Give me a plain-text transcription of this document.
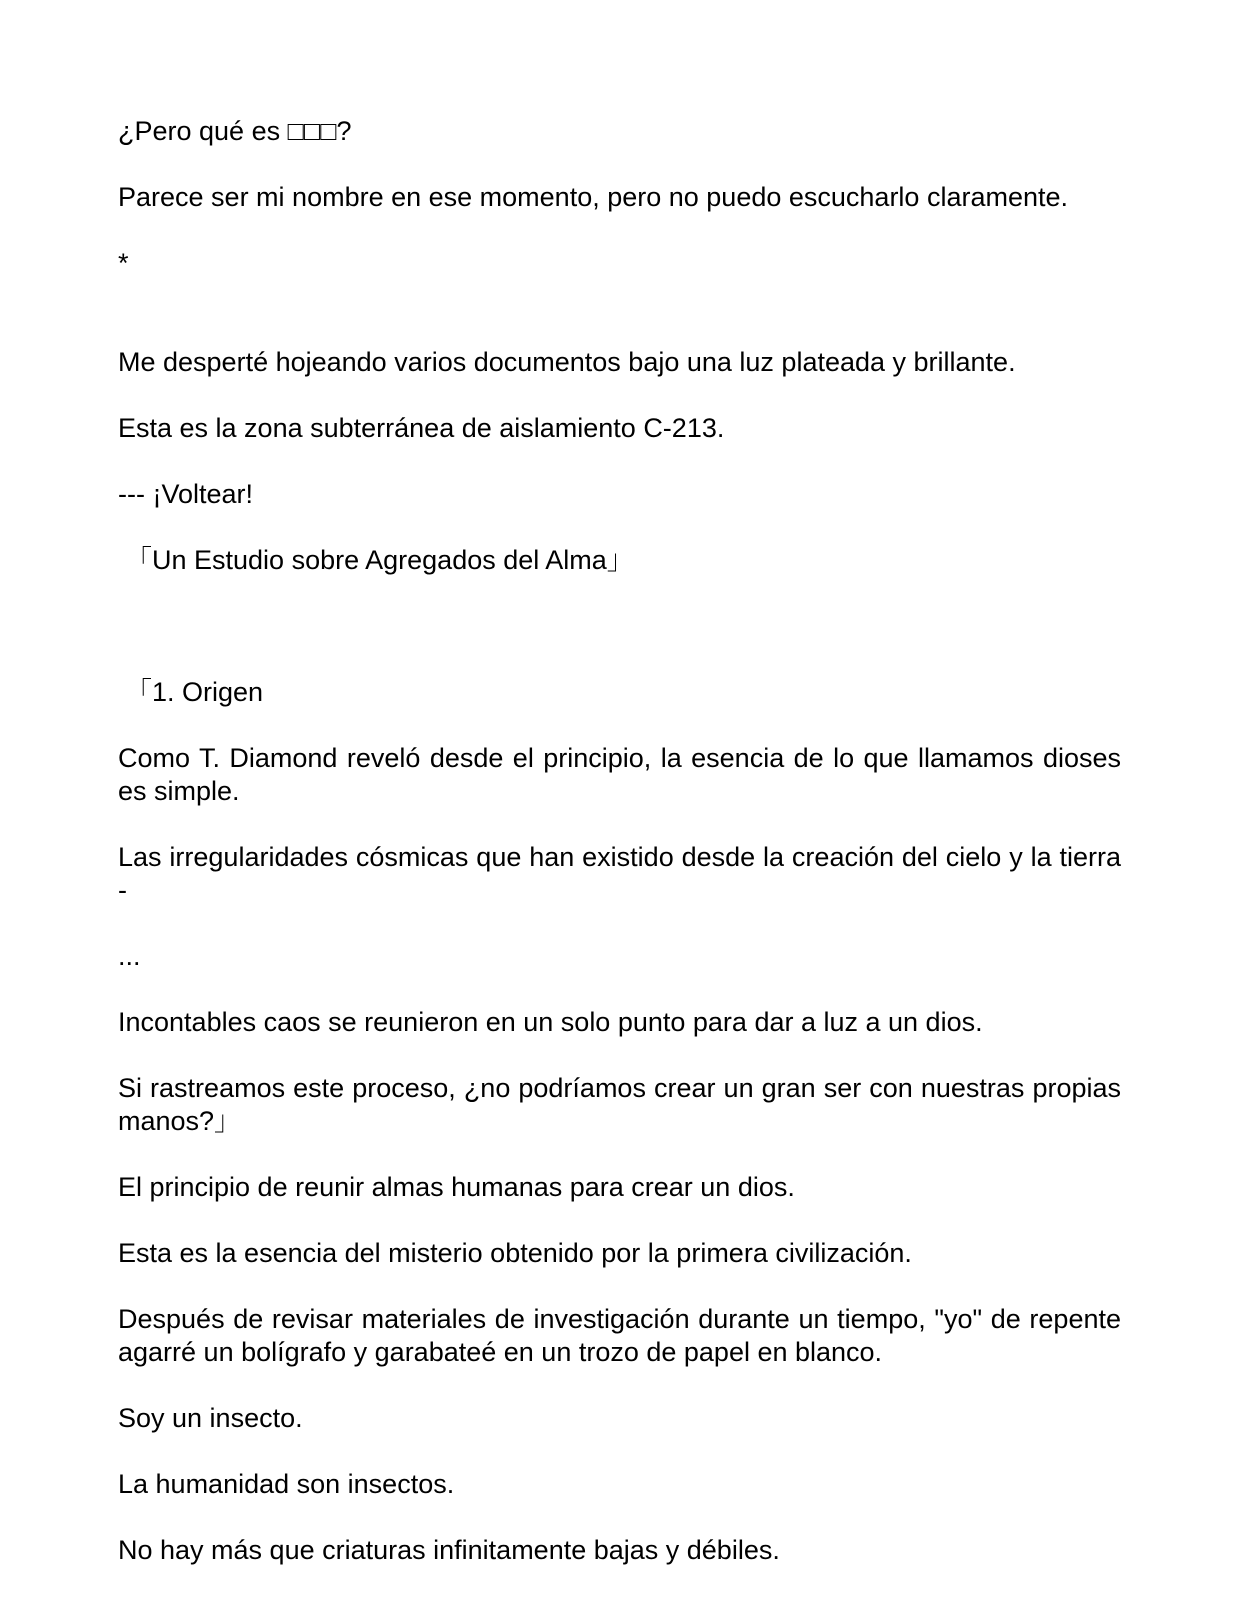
¿Pero qué es □□□?

Parece ser mi nombre en ese momento, pero no puedo escucharlo claramente.

*

Me desperté hojeando varios documentos bajo una luz plateada y brillante.

Esta es la zona subterránea de aislamiento C-213.

--- ¡Voltear!

「Un Estudio sobre Agregados del Alma」

「1. Origen

Como T. Diamond reveló desde el principio, la esencia de lo que llamamos dioses es simple.

Las irregularidades cósmicas que han existido desde la creación del cielo y la tierra -

...

Incontables caos se reunieron en un solo punto para dar a luz a un dios.

Si rastreamos este proceso, ¿no podríamos crear un gran ser con nuestras propias manos?」

El principio de reunir almas humanas para crear un dios.

Esta es la esencia del misterio obtenido por la primera civilización.

Después de revisar materiales de investigación durante un tiempo, "yo" de repente agarré un bolígrafo y garabateé en un trozo de papel en blanco.

Soy un insecto.

La humanidad son insectos.

No hay más que criaturas infinitamente bajas y débiles.
